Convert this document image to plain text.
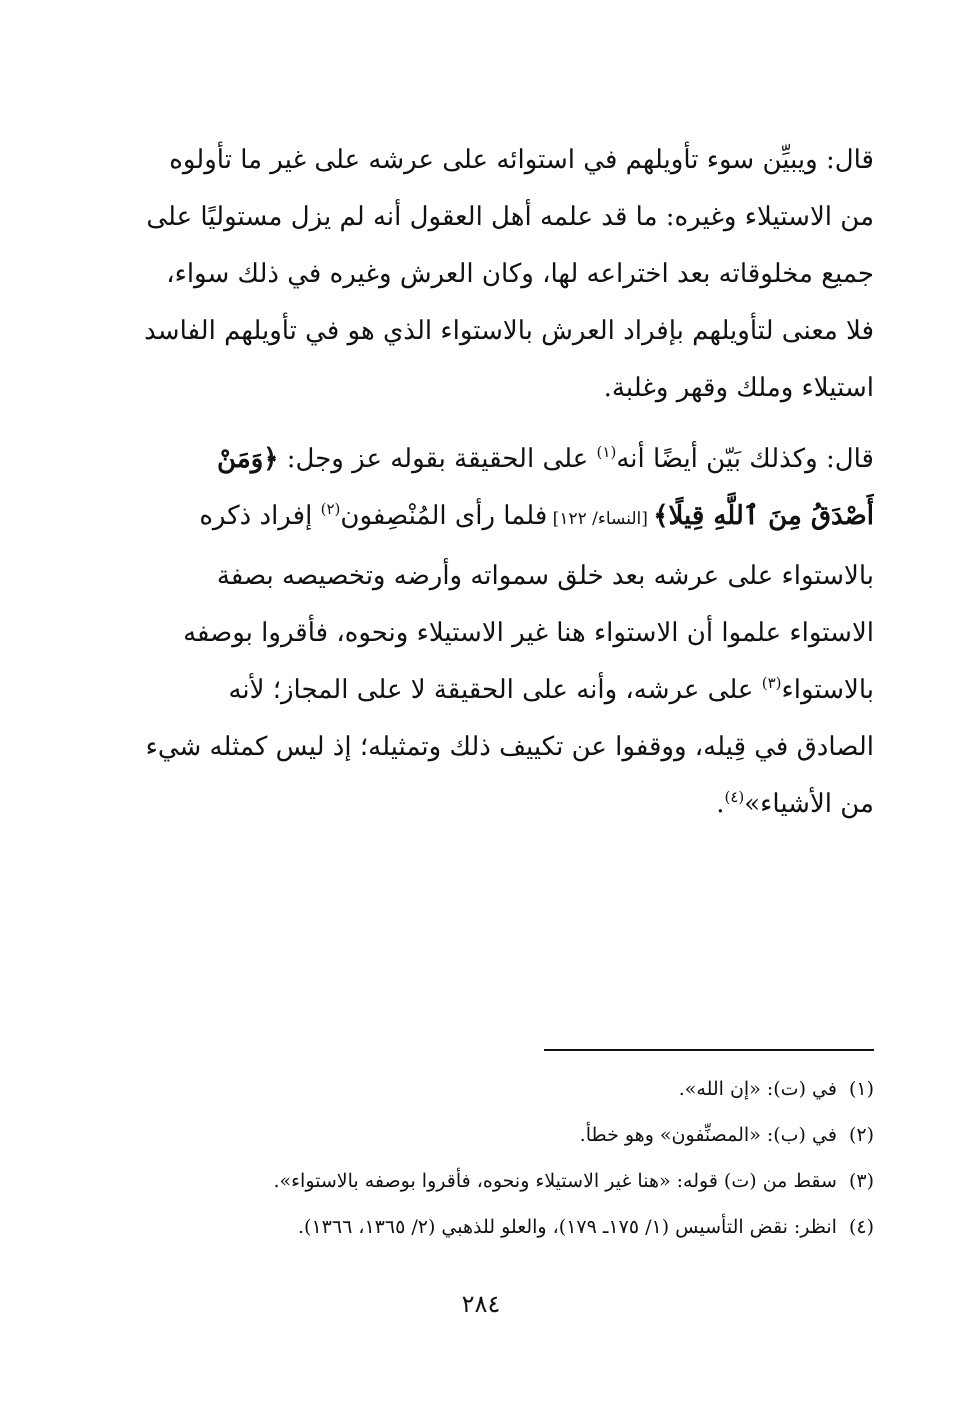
قال: ويبيِّن سوء تأويلهم في استوائه على عرشه على غير ما تأولوه
من الاستيلاء وغيره: ما قد علمه أهل العقول أنه لم يزل مستوليًا على
جميع مخلوقاته بعد اختراعه لها، وكان العرش وغيره في ذلك سواء،
فلا معنى لتأويلهم بإفراد العرش بالاستواء الذي هو في تأويلهم الفاسد
استيلاء وملك وقهر وغلبة.
قال: وكذلك بَيّن أيضًا أنه$^{(١)}$ على الحقيقة بقوله عز وجل: ﴿وَمَنْ
أَصْدَقُ مِنَ ٱللَّهِ قِيلًا﴾ [النساء/ ١٢٢] فلما رأى المُنْصِفون$^{(٢)}$ إفراد ذكره
بالاستواء على عرشه بعد خلق سمواته وأرضه وتخصيصه بصفة
الاستواء علموا أن الاستواء هنا غير الاستيلاء ونحوه، فأقروا بوصفه
بالاستواء$^{(٣)}$ على عرشه، وأنه على الحقيقة لا على المجاز؛ لأنه
الصادق في قِيله، ووقفوا عن تكييف ذلك وتمثيله؛ إذ ليس كمثله شيء
من الأشياء»$^{(٤)}$.
(١)في (ت): «إن الله».
(٢)في (ب): «المصنِّفون» وهو خطأ.
(٣)سقط من (ت) قوله: «هنا غير الاستيلاء ونحوه، فأقروا بوصفه بالاستواء».
(٤)انظر: نقض التأسيس (١/ ١٧٥ـ ١٧٩)، والعلو للذهبي (٢/ ١٣٦٥، ١٣٦٦).
٢٨٤
